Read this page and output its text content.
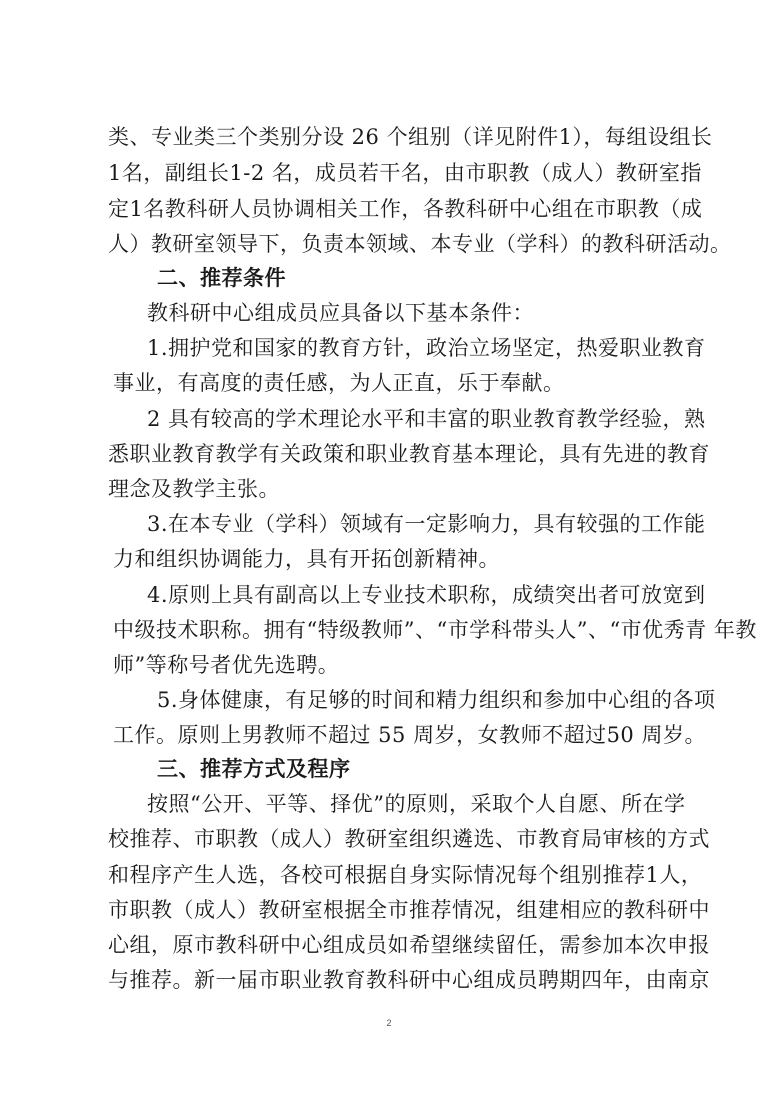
类、专业类三个类别分设 26 个组别（详见附件1），每组设组长
1名，副组长1-2 名，成员若干名，由市职教（成人）教研室指
定1名教科研人员协调相关工作，各教科研中心组在市职教（成
人）教研室领导下，负责本领域、本专业（学科）的教科研活动。
二、推荐条件
教科研中心组成员应具备以下基本条件：
1.拥护党和国家的教育方针，政治立场坚定，热爱职业教育
事业，有高度的责任感，为人正直，乐于奉献。
2 具有较高的学术理论水平和丰富的职业教育教学经验，熟
悉职业教育教学有关政策和职业教育基本理论，具有先进的教育
理念及教学主张。
3.在本专业（学科）领域有一定影响力，具有较强的工作能
力和组织协调能力，具有开拓创新精神。
4.原则上具有副高以上专业技术职称，成绩突出者可放宽到
中级技术职称。拥有“特级教师”、“市学科带头人”、“市优秀青 年教
师”等称号者优先选聘。
5.身体健康，有足够的时间和精力组织和参加中心组的各项
工作。原则上男教师不超过 55 周岁，女教师不超过50 周岁。
三、推荐方式及程序
按照“公开、平等、择优”的原则，采取个人自愿、所在学
校推荐、市职教（成人）教研室组织遴选、市教育局审核的方式
和程序产生人选，各校可根据自身实际情况每个组别推荐1人，
市职教（成人）教研室根据全市推荐情况，组建相应的教科研中
心组，原市教科研中心组成员如希望继续留任，需参加本次申报
与推荐。新一届市职业教育教科研中心组成员聘期四年，由南京
2
